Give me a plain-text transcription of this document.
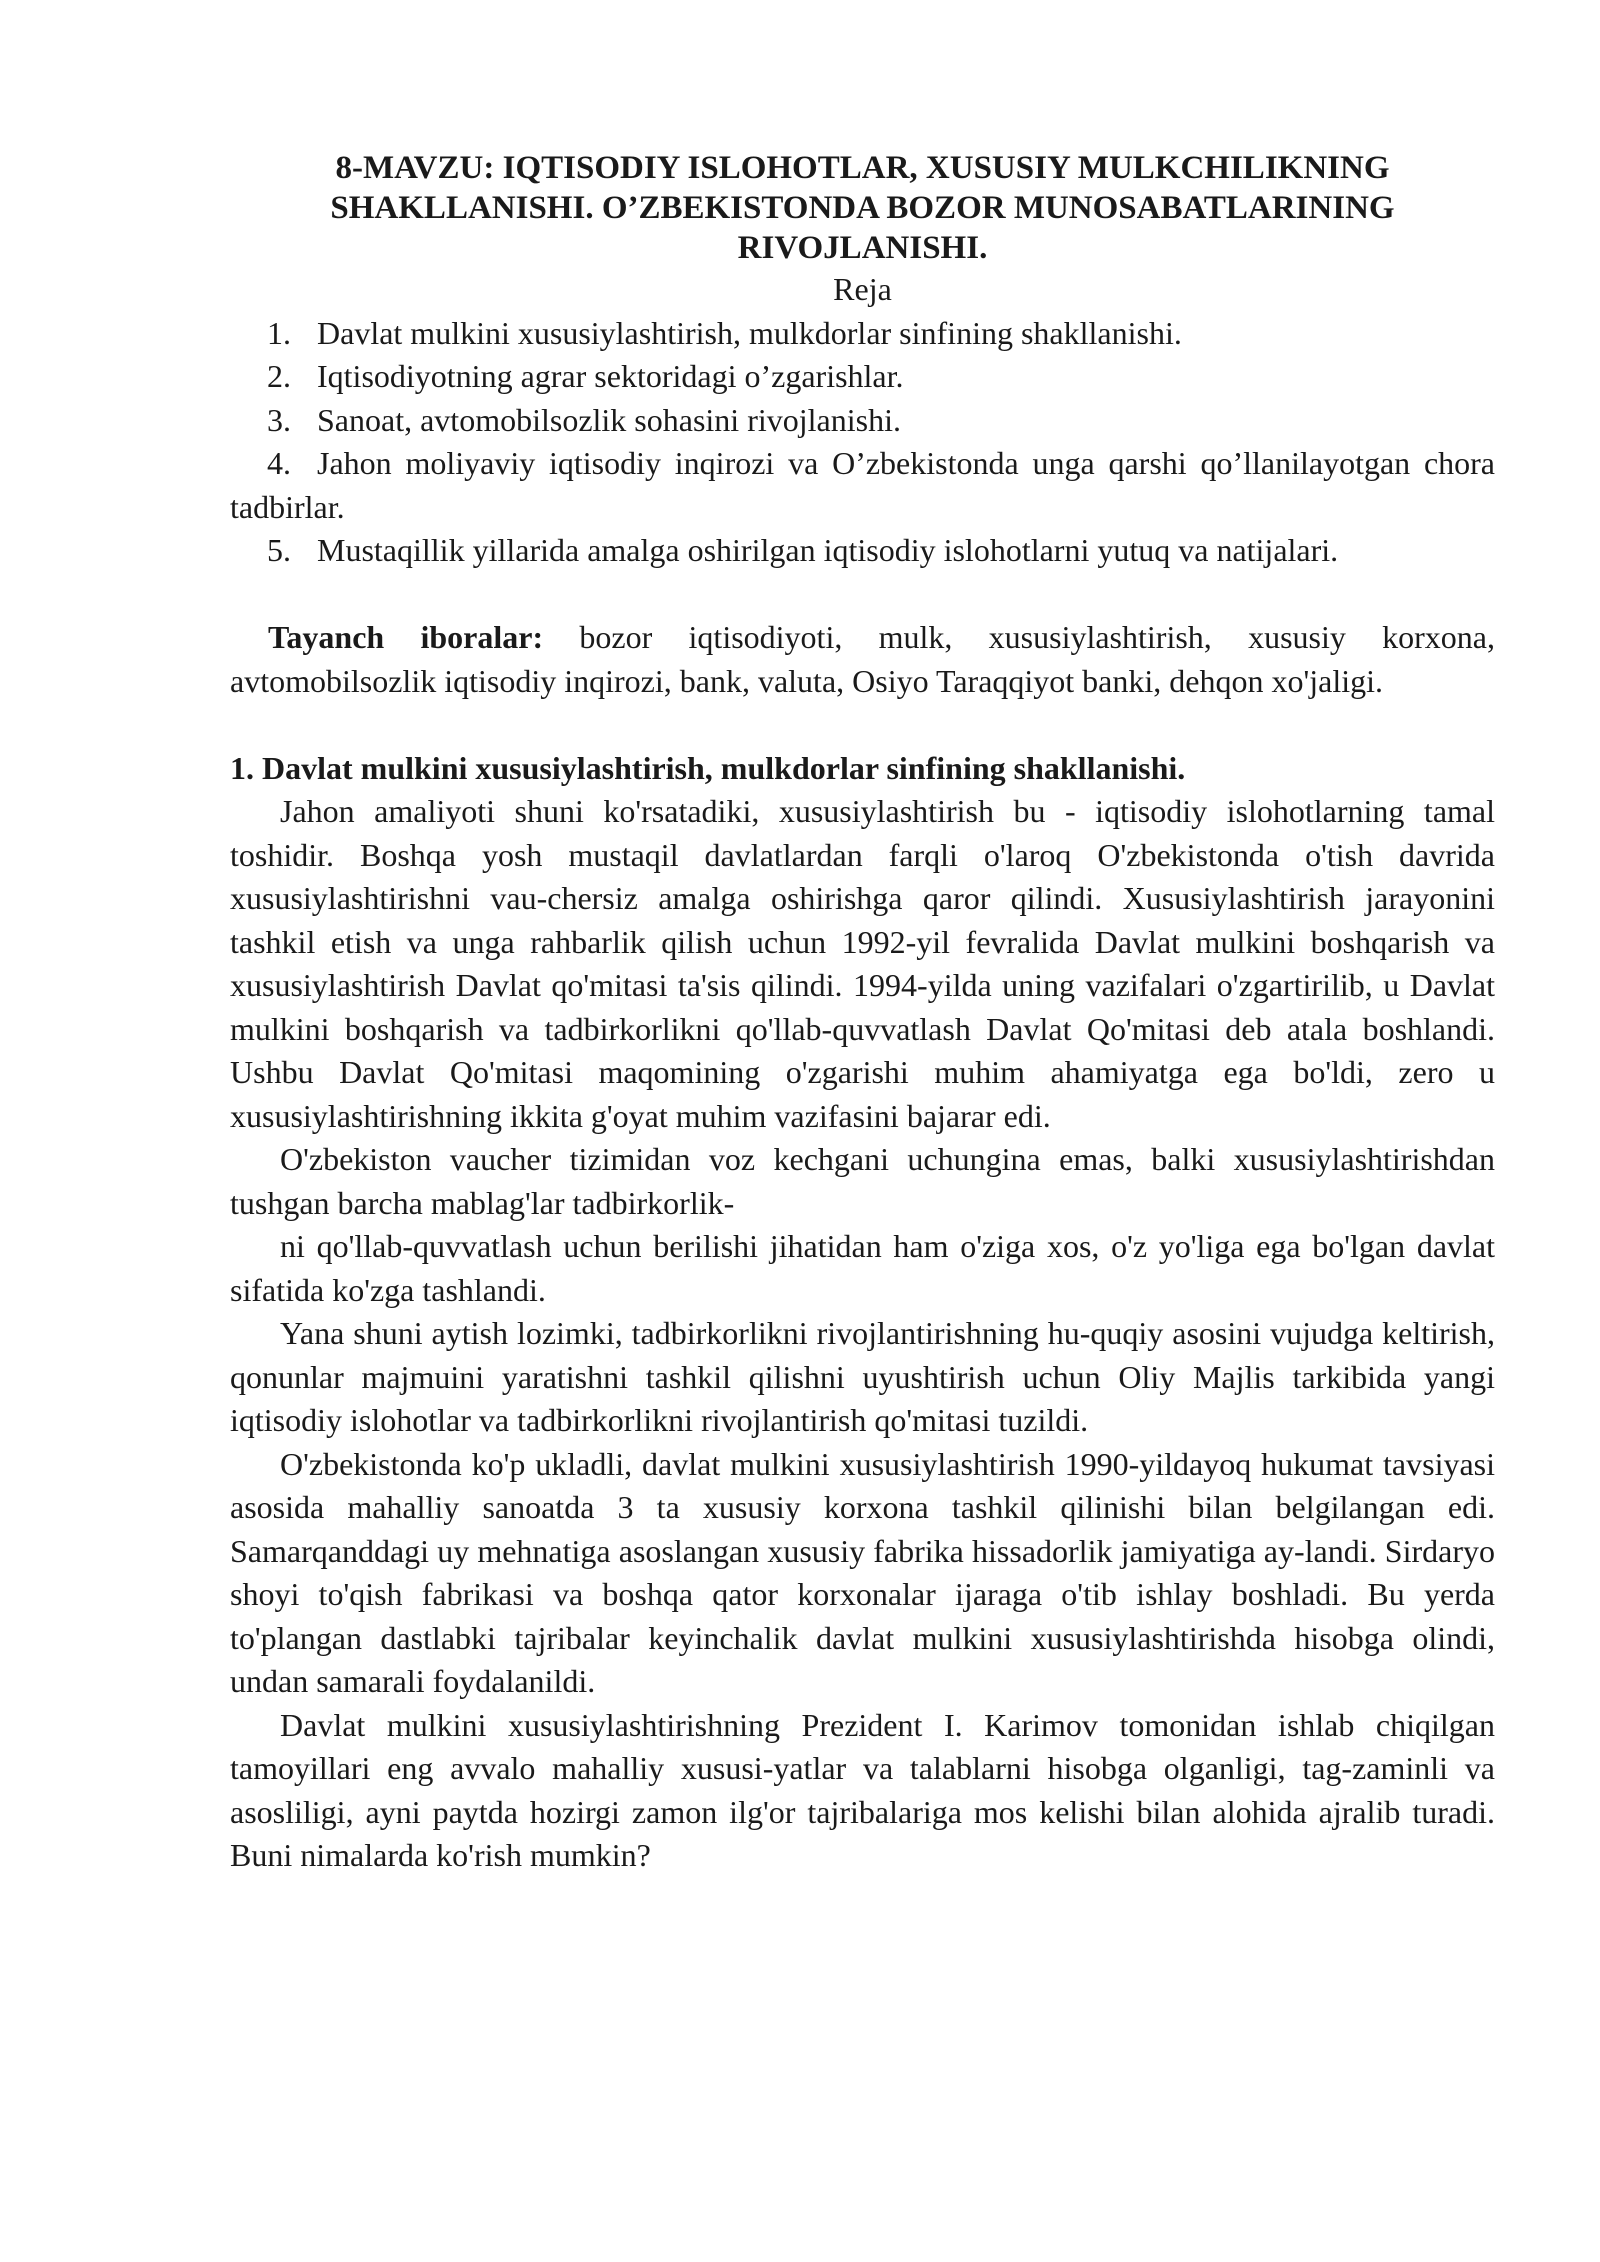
8-MAVZU: IQTISODIY ISLOHOTLAR, XUSUSIY MULKCHILIKNING SHAKLLANISHI. O’ZBEKISTONDA BOZOR MUNOSABATLARINING RIVOJLANISHI.

Reja

1. Davlat mulkini xususiylashtirish, mulkdorlar sinfining shakllanishi.
2. Iqtisodiyotning agrar sektoridagi o’zgarishlar.
3. Sanoat, avtomobilsozlik sohasini rivojlanishi.
4. Jahon moliyaviy iqtisodiy inqirozi va O’zbekistonda unga qarshi qo’llanilayotgan chora tadbirlar.
5. Mustaqillik yillarida amalga oshirilgan iqtisodiy islohotlarni yutuq va natijalari.

Tayanch iboralar: bozor iqtisodiyoti, mulk, xususiylashtirish, xususiy korxona, avtomobilsozlik iqtisodiy inqirozi, bank, valuta, Osiyo Taraqqiyot banki, dehqon xo'jaligi.

1. Davlat mulkini xususiylashtirish, mulkdorlar sinfining shakllanishi.

Jahon amaliyoti shuni ko'rsatadiki, xususiylashtirish bu - iqtisodiy islohotlarning tamal toshidir. Boshqa yosh mustaqil davlatlardan farqli o'laroq O'zbekistonda o'tish davrida xususiylashtirishni vau-chersiz amalga oshirishga qaror qilindi. Xususiylashtirish jarayonini tashkil etish va unga rahbarlik qilish uchun 1992-yil fevralida Davlat mulkini boshqarish va xususiylashtirish Davlat qo'mitasi ta'sis qilindi. 1994-yilda uning vazifalari o'zgartirilib, u Davlat mulkini boshqarish va tadbirkorlikni qo'llab-quvvatlash Davlat Qo'mitasi deb atala boshlandi. Ushbu Davlat Qo'mitasi maqomining o'zgarishi muhim ahamiyatga ega bo'ldi, zero u xususiylashtirishning ikkita g'oyat muhim vazifasini bajarar edi.

O'zbekiston vaucher tizimidan voz kechgani uchungina emas, balki xususiylashtirishdan tushgan barcha mablag'lar tadbirkorlik-

ni qo'llab-quvvatlash uchun berilishi jihatidan ham o'ziga xos, o'z yo'liga ega bo'lgan davlat sifatida ko'zga tashlandi.

Yana shuni aytish lozimki, tadbirkorlikni rivojlantirishning hu-quqiy asosini vujudga keltirish, qonunlar majmuini yaratishni tashkil qilishni uyushtirish uchun Oliy Majlis tarkibida yangi iqtisodiy islohotlar va tadbirkorlikni rivojlantirish qo'mitasi tuzildi.

O'zbekistonda ko'p ukladli, davlat mulkini xususiylashtirish 1990-yildayoq hukumat tavsiyasi asosida mahalliy sanoatda 3 ta xususiy korxona tashkil qilinishi bilan belgilangan edi. Samarqanddagi uy mehnatiga asoslangan xususiy fabrika hissadorlik jamiyatiga ay-landi. Sirdaryo shoyi to'qish fabrikasi va boshqa qator korxonalar ijaraga o'tib ishlay boshladi. Bu yerda to'plangan dastlabki tajribalar keyinchalik davlat mulkini xususiylashtirishda hisobga olindi, undan samarali foydalanildi.

Davlat mulkini xususiylashtirishning Prezident I. Karimov tomonidan ishlab chiqilgan tamoyillari eng avvalo mahalliy xususi-yatlar va talablarni hisobga olganligi, tag-zaminli va asosliligi, ayni paytda hozirgi zamon ilg'or tajribalariga mos kelishi bilan alohida ajralib turadi. Buni nimalarda ko'rish mumkin?
